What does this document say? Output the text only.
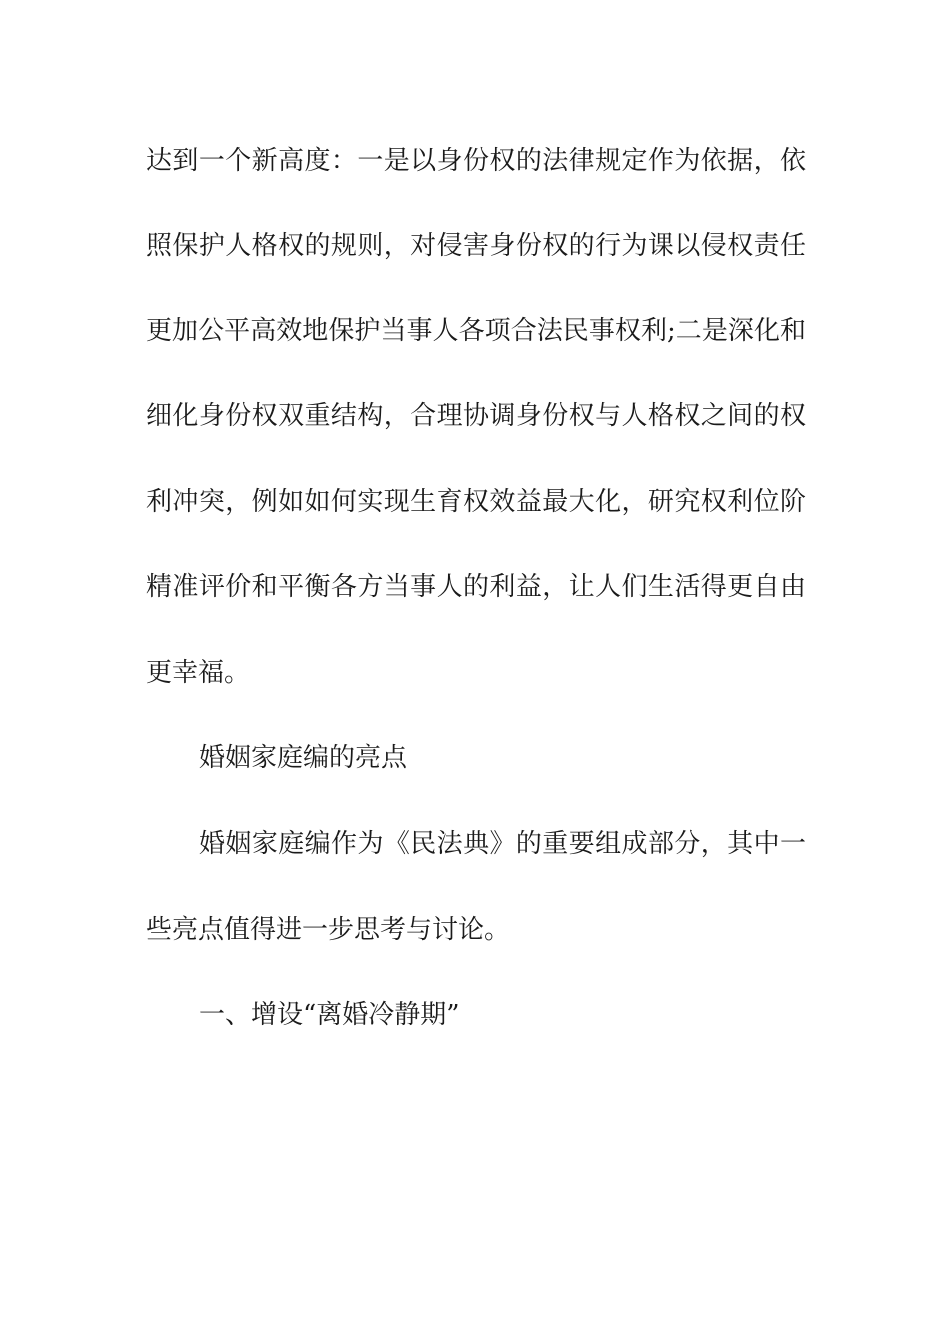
达到一个新高度：一是以身份权的法律规定作为依据，依
照保护人格权的规则，对侵害身份权的行为课以侵权责任
更加公平高效地保护当事人各项合法民事权利;二是深化和
细化身份权双重结构，合理协调身份权与人格权之间的权
利冲突，例如如何实现生育权效益最大化，研究权利位阶
精准评价和平衡各方当事人的利益，让人们生活得更自由
更幸福。
婚姻家庭编的亮点
婚姻家庭编作为《民法典》的重要组成部分，其中一
些亮点值得进一步思考与讨论。
一、增设“离婚冷静期”
